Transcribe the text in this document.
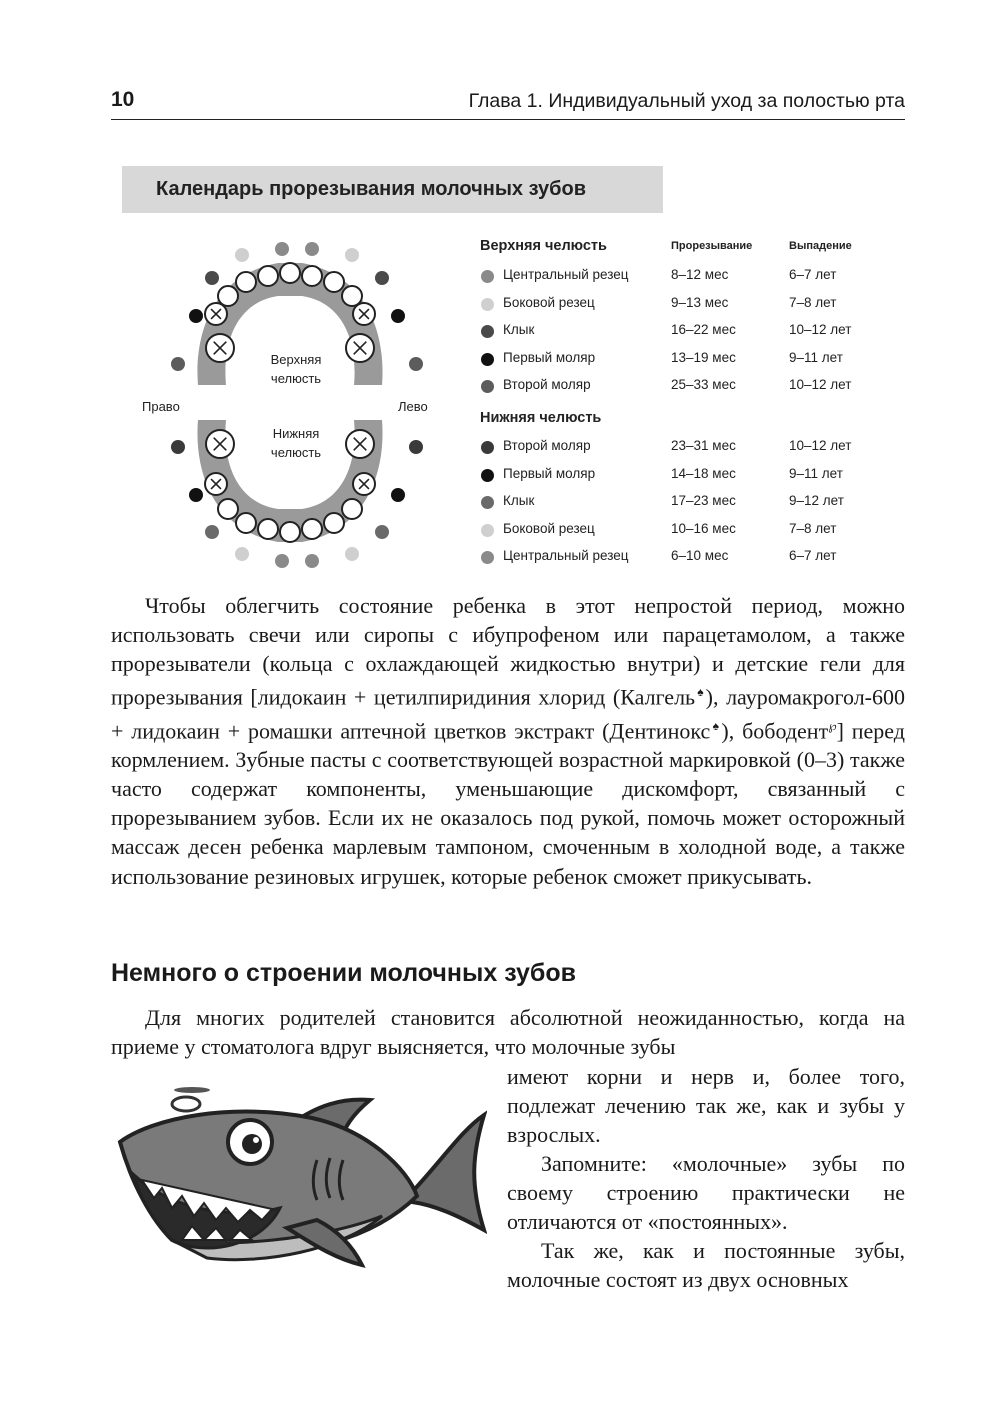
10	Глава 1. Индивидуальный уход за полостью рта
Календарь прорезывания молочных зубов
Верхняя
челюсть
Нижняя
челюсть
Право	Лево
Верхняя челюсть	Прорезывание	Выпадение
Центральный резец	8–12 мес	6–7 лет
Боковой резец	9–13 мес	7–8 лет
Клык	16–22 мес	10–12 лет
Первый моляр	13–19 мес	9–11 лет
Второй моляр	25–33 мес	10–12 лет
Нижняя челюсть
Второй моляр	23–31 мес	10–12 лет
Первый моляр	14–18 мес	9–11 лет
Клык	17–23 мес	9–12 лет
Боковой резец	10–16 мес	7–8 лет
Центральный резец	6–10 мес	6–7 лет

Чтобы облегчить состояние ребенка в этот непростой период, можно использовать свечи или сиропы с ибупрофеном или парацетамолом, а также прорезыватели (кольца с охлаждающей жидкостью внутри) и детские гели для прорезывания [лидокаин + цетилпиридиния хлорид (Калгель♠), лауромакрогол-600 + лидокаин + ромашки аптечной цветков экстракт (Дентинокс♠), бободент℘] перед кормлением. Зубные пасты с соответствующей возрастной маркировкой (0–3) также часто содержат компоненты, уменьшающие дискомфорт, связанный с прорезыванием зубов. Если их не оказалось под рукой, помочь может осторожный массаж десен ребенка марлевым тампоном, смоченным в холодной воде, а также использование резиновых игрушек, которые ребенок сможет прикусывать.

Немного о строении молочных зубов

Для многих родителей становится абсолютной неожиданностью, когда на приеме у стоматолога вдруг выясняется, что молочные зубы

имеют корни и нерв и, более того, подлежат лечению так же, как и зубы у взрослых.

Запомните: «молочные» зубы по своему строению практически не отличаются от «постоянных».

Так же, как и постоянные зубы, молочные состоят из двух основных
